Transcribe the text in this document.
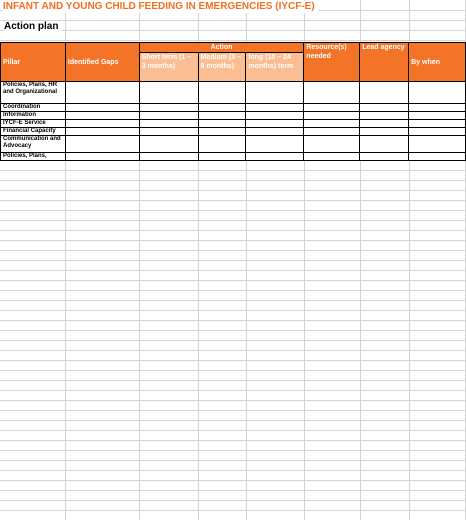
INFANT AND YOUNG CHILD FEEDING IN EMERGENCIES (IYCF-E)
Action plan
Pillar	Identified Gaps	Action			Resource(s) needed	Lead agency	By when
		Short term (1 – 3 months)	Medium (3 – 9 months)	long (10 – 24 months) term			
Policies, Plans, HR and Organizational							
Coordination							
Information							
IYCF-E Service							
Financial Capacity							
Communication and Advocacy							
Policies, Plans,							
